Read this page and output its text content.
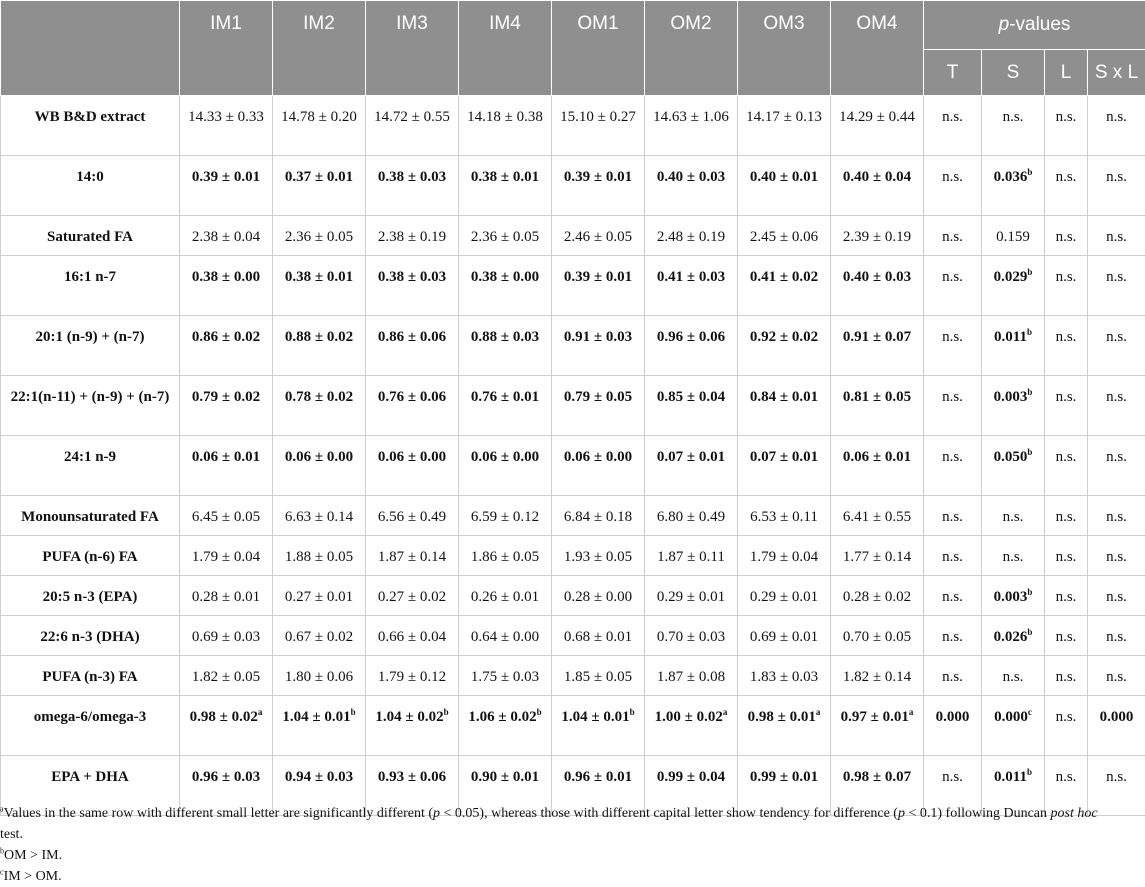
	IM1	IM2	IM3	IM4	OM1	OM2	OM3	OM4	p-values			
									T	S	L	S x L
WB B&D extract	14.33 ± 0.33	14.78 ± 0.20	14.72 ± 0.55	14.18 ± 0.38	15.10 ± 0.27	14.63 ± 1.06	14.17 ± 0.13	14.29 ± 0.44	n.s.	n.s.	n.s.	n.s.
14:0	0.39 ± 0.01	0.37 ± 0.01	0.38 ± 0.03	0.38 ± 0.01	0.39 ± 0.01	0.40 ± 0.03	0.40 ± 0.01	0.40 ± 0.04	n.s.	0.036$^b$	n.s.	n.s.
Saturated FA	2.38 ± 0.04	2.36 ± 0.05	2.38 ± 0.19	2.36 ± 0.05	2.46 ± 0.05	2.48 ± 0.19	2.45 ± 0.06	2.39 ± 0.19	n.s.	0.159	n.s.	n.s.
16:1 n-7	0.38 ± 0.00	0.38 ± 0.01	0.38 ± 0.03	0.38 ± 0.00	0.39 ± 0.01	0.41 ± 0.03	0.41 ± 0.02	0.40 ± 0.03	n.s.	0.029$^b$	n.s.	n.s.
20:1 (n-9) + (n-7)	0.86 ± 0.02	0.88 ± 0.02	0.86 ± 0.06	0.88 ± 0.03	0.91 ± 0.03	0.96 ± 0.06	0.92 ± 0.02	0.91 ± 0.07	n.s.	0.011$^b$	n.s.	n.s.
22:1(n-11) + (n-9) + (n-7)	0.79 ± 0.02	0.78 ± 0.02	0.76 ± 0.06	0.76 ± 0.01	0.79 ± 0.05	0.85 ± 0.04	0.84 ± 0.01	0.81 ± 0.05	n.s.	0.003$^b$	n.s.	n.s.
24:1 n-9	0.06 ± 0.01	0.06 ± 0.00	0.06 ± 0.00	0.06 ± 0.00	0.06 ± 0.00	0.07 ± 0.01	0.07 ± 0.01	0.06 ± 0.01	n.s.	0.050$^b$	n.s.	n.s.
Monounsaturated FA	6.45 ± 0.05	6.63 ± 0.14	6.56 ± 0.49	6.59 ± 0.12	6.84 ± 0.18	6.80 ± 0.49	6.53 ± 0.11	6.41 ± 0.55	n.s.	n.s.	n.s.	n.s.
PUFA (n-6) FA	1.79 ± 0.04	1.88 ± 0.05	1.87 ± 0.14	1.86 ± 0.05	1.93 ± 0.05	1.87 ± 0.11	1.79 ± 0.04	1.77 ± 0.14	n.s.	n.s.	n.s.	n.s.
20:5 n-3 (EPA)	0.28 ± 0.01	0.27 ± 0.01	0.27 ± 0.02	0.26 ± 0.01	0.28 ± 0.00	0.29 ± 0.01	0.29 ± 0.01	0.28 ± 0.02	n.s.	0.003$^b$	n.s.	n.s.
22:6 n-3 (DHA)	0.69 ± 0.03	0.67 ± 0.02	0.66 ± 0.04	0.64 ± 0.00	0.68 ± 0.01	0.70 ± 0.03	0.69 ± 0.01	0.70 ± 0.05	n.s.	0.026$^b$	n.s.	n.s.
PUFA (n-3) FA	1.82 ± 0.05	1.80 ± 0.06	1.79 ± 0.12	1.75 ± 0.03	1.85 ± 0.05	1.87 ± 0.08	1.83 ± 0.03	1.82 ± 0.14	n.s.	n.s.	n.s.	n.s.
omega-6/omega-3	0.98 ± 0.02$^a$	1.04 ± 0.01$^b$	1.04 ± 0.02$^b$	1.06 ± 0.02$^b$	1.04 ± 0.01$^b$	1.00 ± 0.02$^a$	0.98 ± 0.01$^a$	0.97 ± 0.01$^a$	0.000	0.000$^c$	n.s.	0.000
EPA + DHA	0.96 ± 0.03	0.94 ± 0.03	0.93 ± 0.06	0.90 ± 0.01	0.96 ± 0.01	0.99 ± 0.04	0.99 ± 0.01	0.98 ± 0.07	n.s.	0.011$^b$	n.s.	n.s.
$^a$Values in the same row with different small letter are significantly different (p < 0.05), whereas those with different capital letter show tendency for difference (p < 0.1) following Duncan post hoc test.
$^b$OM > IM.
$^c$IM > OM.
